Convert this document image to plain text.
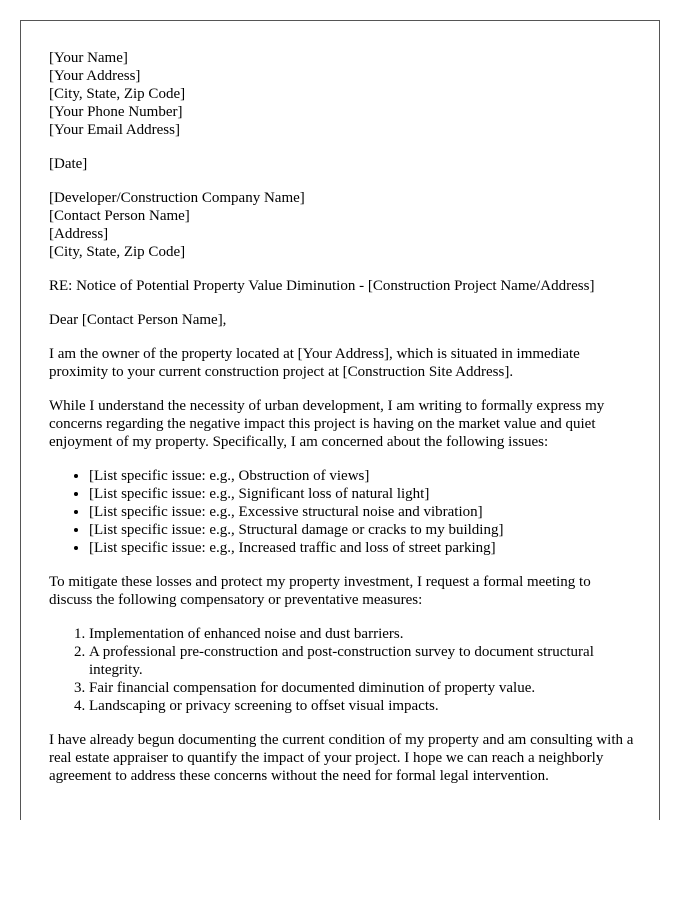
[Your Name]
[Your Address]
[City, State, Zip Code]
[Your Phone Number]
[Your Email Address]
[Date]
[Developer/Construction Company Name]
[Contact Person Name]
[Address]
[City, State, Zip Code]

RE: Notice of Potential Property Value Diminution - [Construction Project Name/Address]

Dear [Contact Person Name],

I am the owner of the property located at [Your Address], which is situated in immediate proximity to your current construction project at [Construction Site Address].

While I understand the necessity of urban development, I am writing to formally express my concerns regarding the negative impact this project is having on the market value and quiet enjoyment of my property. Specifically, I am concerned about the following issues:

• [List specific issue: e.g., Obstruction of views]
• [List specific issue: e.g., Significant loss of natural light]
• [List specific issue: e.g., Excessive structural noise and vibration]
• [List specific issue: e.g., Structural damage or cracks to my building]
• [List specific issue: e.g., Increased traffic and loss of street parking]

To mitigate these losses and protect my property investment, I request a formal meeting to discuss the following compensatory or preventative measures:

1. Implementation of enhanced noise and dust barriers.
2. A professional pre-construction and post-construction survey to document structural integrity.
3. Fair financial compensation for documented diminution of property value.
4. Landscaping or privacy screening to offset visual impacts.

I have already begun documenting the current condition of my property and am consulting with a real estate appraiser to quantify the impact of your project. I hope we can reach a neighborly agreement to address these concerns without the need for formal legal intervention.
